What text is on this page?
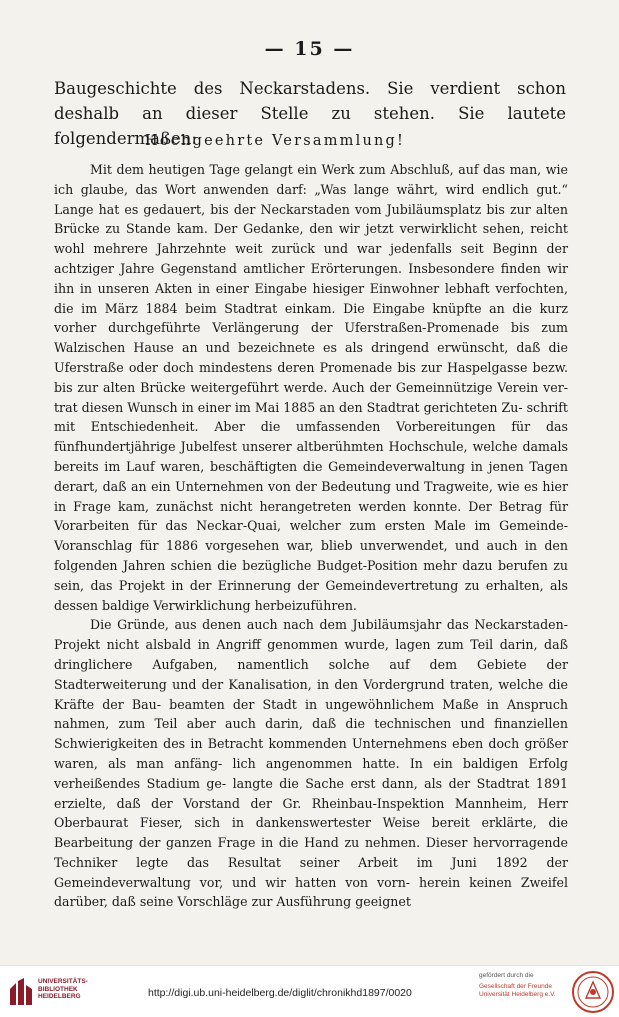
— 15 —
Baugeschichte des Neckarstadens. Sie verdient schon deshalb an dieser Stelle zu stehen. Sie lautete folgendermaßen:
Hochgeehrte Versammlung!

Mit dem heutigen Tage gelangt ein Werk zum Abschluß, auf das man, wie ich glaube, das Wort anwenden darf: „Was lange währt, wird endlich gut.“ Lange hat es gedauert, bis der Neckarstaden vom Jubiläumsplatz bis zur alten Brücke zu Stande kam. Der Gedanke, den wir jetzt verwirklicht sehen, reicht wohl mehrere Jahrzehnte weit zurück und war jedenfalls seit Beginn der achtziger Jahre Gegenstand amtlicher Erörterungen. Insbesondere finden wir ihn in unseren Akten in einer Eingabe hiesiger Einwohner lebhaft verfochten, die im März 1884 beim Stadtrat einkam. Die Eingabe knüpfte an die kurz vorher durchgeführte Verlängerung der Uferstraßen-Promenade bis zum Walzischen Hause an und bezeichnete es als dringend erwünscht, daß die Uferstraße oder doch mindestens deren Promenade bis zur Haspelgasse bezw. bis zur alten Brücke weitergeführt werde. Auch der Gemeinnützige Verein ver- trat diesen Wunsch in einer im Mai 1885 an den Stadtrat gerichteten Zu- schrift mit Entschiedenheit. Aber die umfassenden Vorbereitungen für das fünfhundertjährige Jubelfest unserer altberühmten Hochschule, welche damals bereits im Lauf waren, beschäftigten die Gemeindeverwaltung in jenen Tagen derart, daß an ein Unternehmen von der Bedeutung und Tragweite, wie es hier in Frage kam, zunächst nicht herangetreten werden konnte. Der Betrag für Vorarbeiten für das Neckar-Quai, welcher zum ersten Male im Gemeinde- Voranschlag für 1886 vorgesehen war, blieb unverwendet, und auch in den folgenden Jahren schien die bezügliche Budget-Position mehr dazu berufen zu sein, das Projekt in der Erinnerung der Gemeindevertretung zu erhalten, als dessen baldige Verwirklichung herbeizuführen.

Die Gründe, aus denen auch nach dem Jubiläumsjahr das Neckarstaden- Projekt nicht alsbald in Angriff genommen wurde, lagen zum Teil darin, daß dringlichere Aufgaben, namentlich solche auf dem Gebiete der Stadterweiterung und der Kanalisation, in den Vordergrund traten, welche die Kräfte der Bau- beamten der Stadt in ungewöhnlichem Maße in Anspruch nahmen, zum Teil aber auch darin, daß die technischen und finanziellen Schwierigkeiten des in Betracht kommenden Unternehmens eben doch größer waren, als man anfäng- lich angenommen hatte. In ein baldigen Erfolg verheißendes Stadium ge- langte die Sache erst dann, als der Stadtrat 1891 erzielte, daß der Vorstand der Gr. Rheinbau-Inspektion Mannheim, Herr Oberbaurat Fieser, sich in dankenswertester Weise bereit erklärte, die Bearbeitung der ganzen Frage in die Hand zu nehmen. Dieser hervorragende Techniker legte das Resultat seiner Arbeit im Juni 1892 der Gemeindeverwaltung vor, und wir hatten von vorn- herein keinen Zweifel darüber, daß seine Vorschläge zur Ausführung geeignet

UNIVERSITÄTS-
BIBLIOTHEK
HEIDELBERG	http://digi.ub.uni-heidelberg.de/diglit/chronikhd1897/0020
gefördert durch die
Gesellschaft der Freunde Universität Heidelberg e.V.
